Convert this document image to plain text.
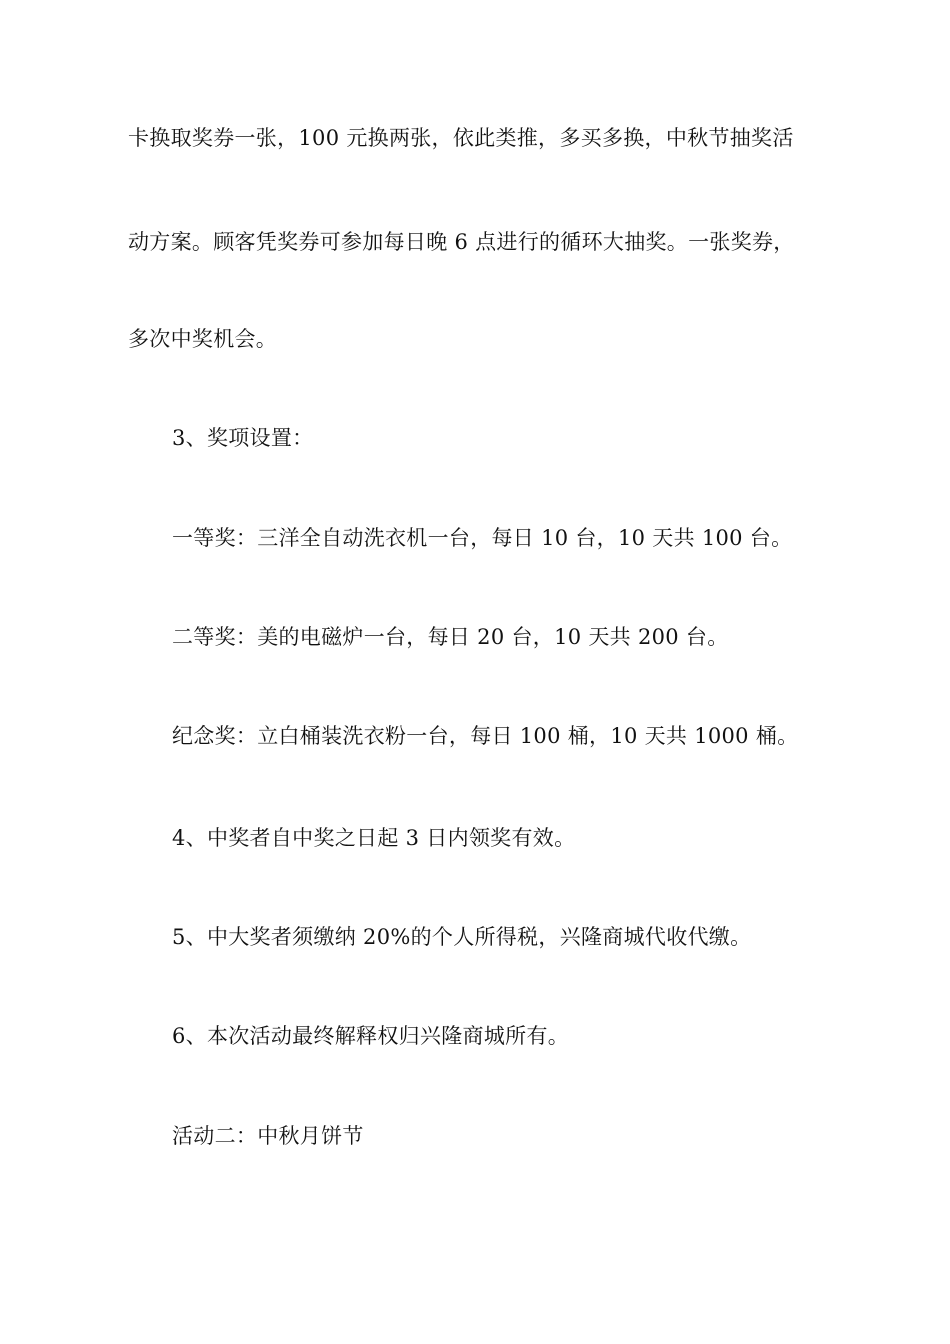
卡换取奖券一张，100 元换两张，依此类推，多买多换，中秋节抽奖活
动方案。顾客凭奖券可参加每日晚 6 点进行的循环大抽奖。一张奖券，
多次中奖机会。
3、奖项设置：
一等奖：三洋全自动洗衣机一台，每日 10 台，10 天共 100 台。
二等奖：美的电磁炉一台，每日 20 台，10 天共 200 台。
纪念奖：立白桶装洗衣粉一台，每日 100 桶，10 天共 1000 桶。
4、中奖者自中奖之日起 3 日内领奖有效。
5、中大奖者须缴纳 20%的个人所得税，兴隆商城代收代缴。
6、本次活动最终解释权归兴隆商城所有。
活动二：中秋月饼节
